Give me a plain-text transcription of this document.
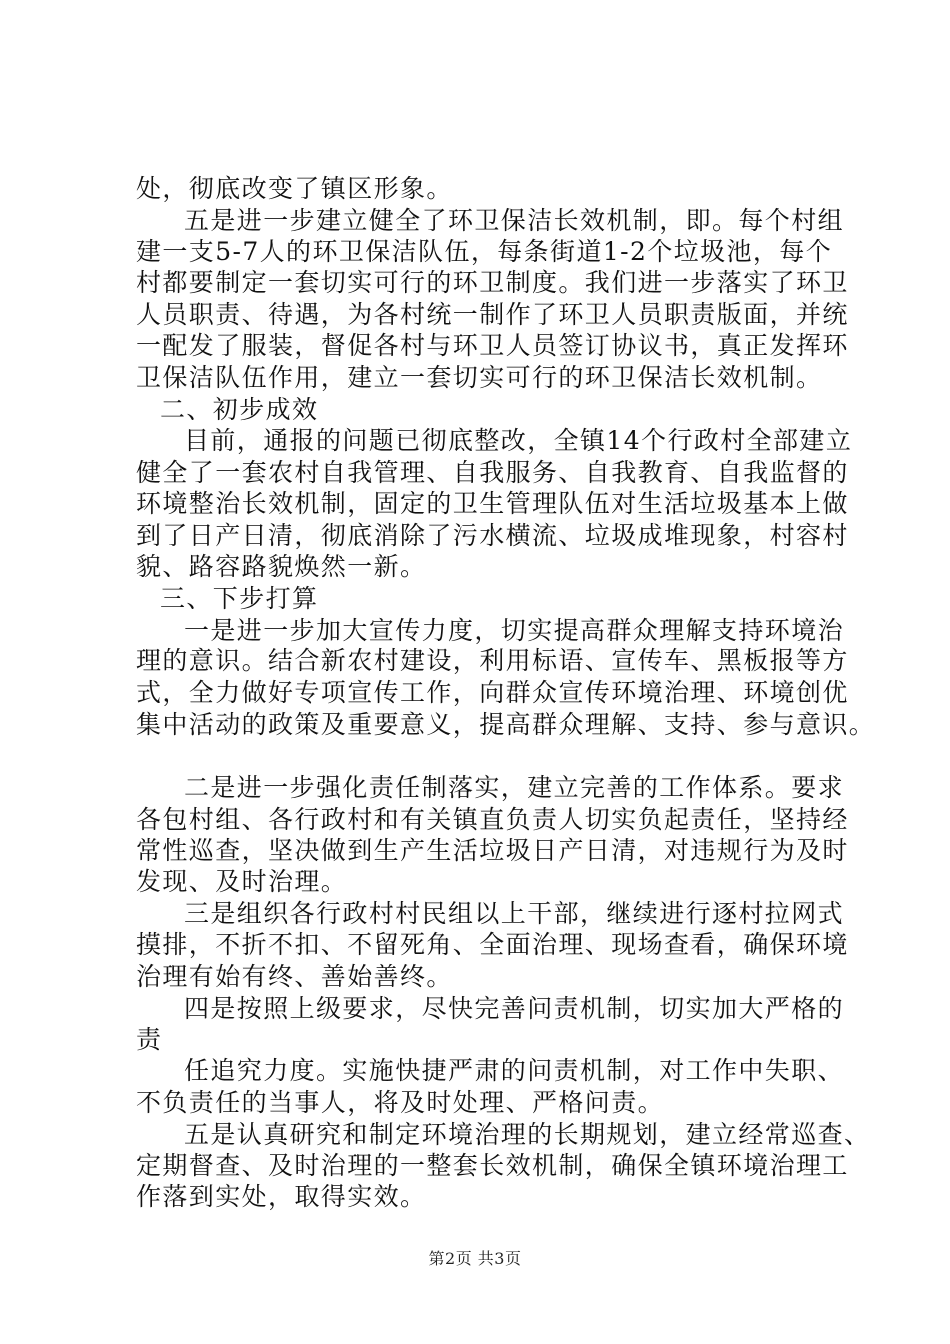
处，彻底改变了镇区形象。
五是进一步建立健全了环卫保洁长效机制，即。每个村组
建一支5-7人的环卫保洁队伍，每条街道1-2个垃圾池，每个
村都要制定一套切实可行的环卫制度。我们进一步落实了环卫
人员职责、待遇，为各村统一制作了环卫人员职责版面，并统
一配发了服装，督促各村与环卫人员签订协议书，真正发挥环
卫保洁队伍作用，建立一套切实可行的环卫保洁长效机制。
二、初步成效
目前，通报的问题已彻底整改，全镇14个行政村全部建立
健全了一套农村自我管理、自我服务、自我教育、自我监督的
环境整治长效机制，固定的卫生管理队伍对生活垃圾基本上做
到了日产日清，彻底消除了污水横流、垃圾成堆现象，村容村
貌、路容路貌焕然一新。
三、下步打算
一是进一步加大宣传力度，切实提高群众理解支持环境治
理的意识。结合新农村建设，利用标语、宣传车、黑板报等方
式，全力做好专项宣传工作，向群众宣传环境治理、环境创优
集中活动的政策及重要意义，提高群众理解、支持、参与意识。
二是进一步强化责任制落实，建立完善的工作体系。要求
各包村组、各行政村和有关镇直负责人切实负起责任，坚持经
常性巡查，坚决做到生产生活垃圾日产日清，对违规行为及时
发现、及时治理。
三是组织各行政村村民组以上干部，继续进行逐村拉网式
摸排，不折不扣、不留死角、全面治理、现场查看，确保环境
治理有始有终、善始善终。
四是按照上级要求，尽快完善问责机制，切实加大严格的
责
任追究力度。实施快捷严肃的问责机制，对工作中失职、
不负责任的当事人，将及时处理、严格问责。
五是认真研究和制定环境治理的长期规划，建立经常巡查、
定期督查、及时治理的一整套长效机制，确保全镇环境治理工
作落到实处，取得实效。
第2页 共3页
